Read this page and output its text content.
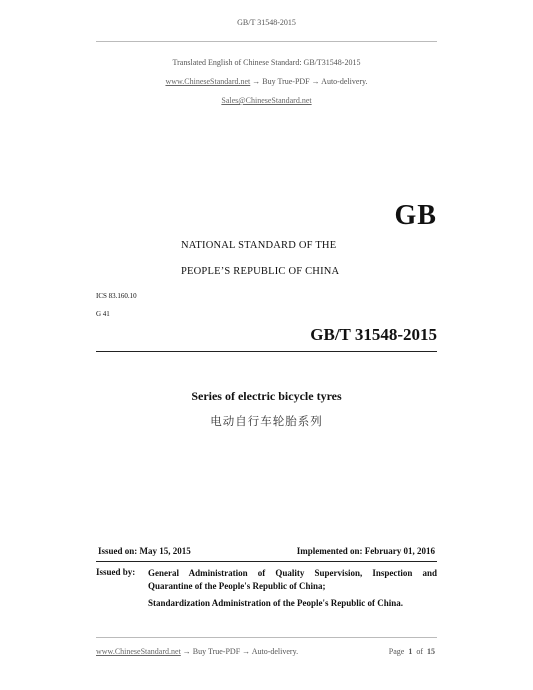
GB/T 31548-2015
Translated English of Chinese Standard: GB/T31548-2015
www.ChineseStandard.net → Buy True-PDF → Auto-delivery.
Sales@ChineseStandard.net
GB
NATIONAL STANDARD OF THE
PEOPLE’S REPUBLIC OF CHINA
ICS 83.160.10
G 41
GB/T 31548-2015
Series of electric bicycle tyres
电动自行车轮胎系列
Issued on: May 15, 2015	Implemented on: February 01, 2016
Issued by: General Administration of Quality Supervision, Inspection and
Quarantine of the People's Republic of China;
Standardization Administration of the People's Republic of China.
www.ChineseStandard.net → Buy True-PDF → Auto-delivery.	Page 1 of 15
